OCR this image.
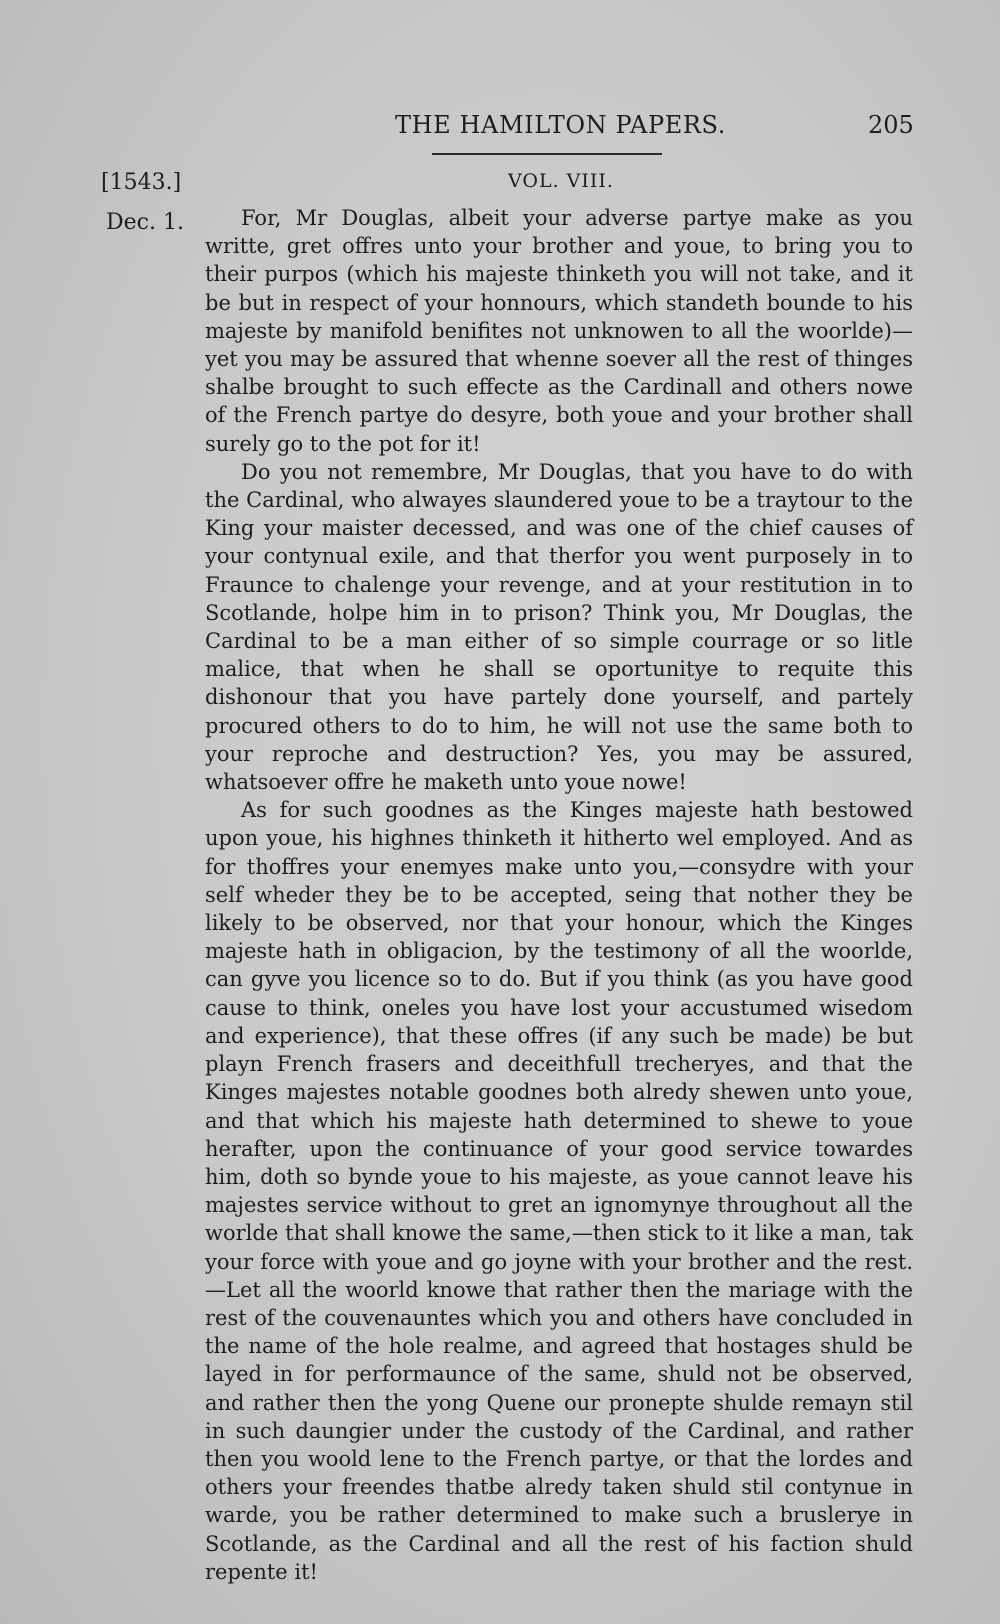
THE HAMILTON PAPERS.	205
[1543.]	VOL. VIII.
Dec. 1.	For, Mr Douglas, albeit your adverse partye make as you writte, gret offres unto your brother and youe, to bring you to their purpos (which his majeste thinketh you will not take, and it be but in respect of your honnours, which standeth bounde to his majeste by manifold benifites not unknowen to all the woorlde)—yet you may be assured that whenne soever all the rest of thinges shalbe brought to such effecte as the Cardinall and others nowe of the French partye do desyre, both youe and your brother shall surely go to the pot for it!

Do you not remembre, Mr Douglas, that you have to do with the Cardinal, who alwayes slaundered youe to be a traytour to the King your maister decessed, and was one of the chief causes of your contynual exile, and that therfor you went purposely in to Fraunce to chalenge your revenge, and at your restitution in to Scotlande, holpe him in to prison? Think you, Mr Douglas, the Cardinal to be a man either of so simple courrage or so litle malice, that when he shall se oportunitye to requite this dishonour that you have partely done yourself, and partely procured others to do to him, he will not use the same both to your reproche and destruction? Yes, you may be assured, whatsoever offre he maketh unto youe nowe!

As for such goodnes as the Kinges majeste hath bestowed upon youe, his highnes thinketh it hitherto wel employed. And as for thoffres your enemyes make unto you,—consydre with your self wheder they be to be accepted, seing that nother they be likely to be observed, nor that your honour, which the Kinges majeste hath in obligacion, by the testimony of all the woorlde, can gyve you licence so to do. But if you think (as you have good cause to think, oneles you have lost your accustumed wisedom and experience), that these offres (if any such be made) be but playn French frasers and deceithfull trecheryes, and that the Kinges majestes notable goodnes both alredy shewen unto youe, and that which his majeste hath determined to shewe to youe herafter, upon the continuance of your good service towardes him, doth so bynde youe to his majeste, as youe cannot leave his majestes service without to gret an ignomynye throughout all the worlde that shall knowe the same,—then stick to it like a man, tak your force with youe and go joyne with your brother and the rest.—Let all the woorld knowe that rather then the mariage with the rest of the couvenauntes which you and others have concluded in the name of the hole realme, and agreed that hostages shuld be layed in for performaunce of the same, shuld not be observed, and rather then the yong Quene our pronepte shulde remayn stil in such daungier under the custody of the Cardinal, and rather then you woold lene to the French partye, or that the lordes and others your freendes thatbe alredy taken shuld stil contynue in warde, you be rather determined to make such a bruslerye in Scotlande, as the Cardinal and all the rest of his faction shuld repente it!
